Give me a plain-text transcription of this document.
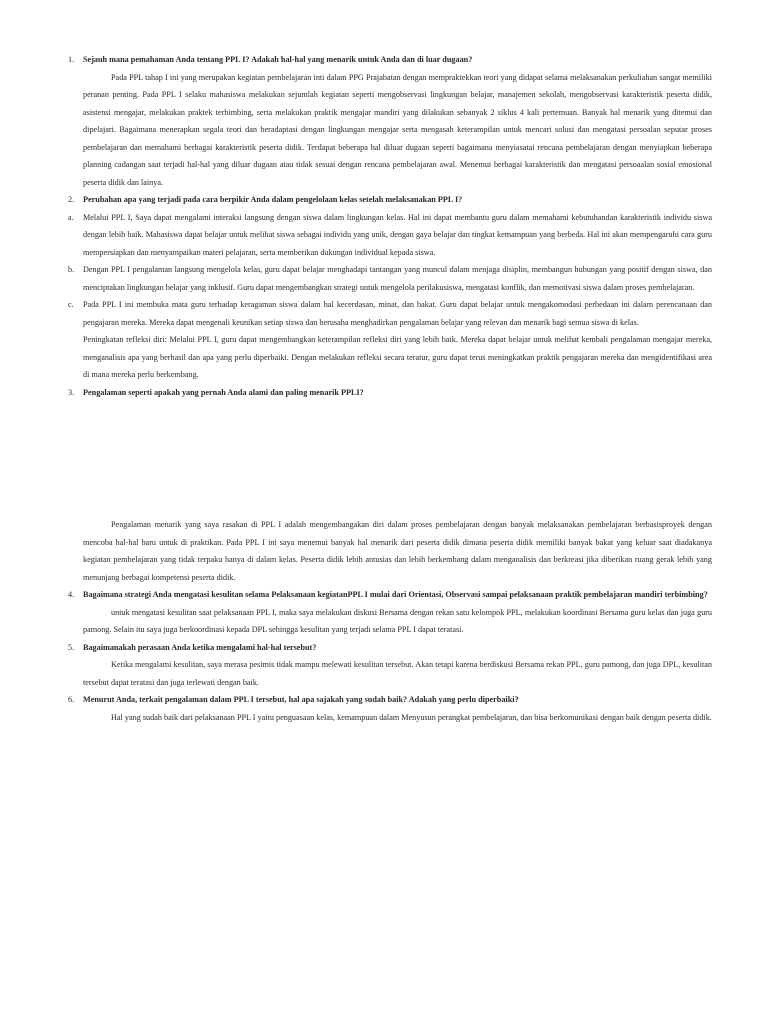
1. Sejauh mana pemahaman Anda tentang PPL I? Adakah hal-hal yang menarik untuk Anda dan di luar dugaan?
Pada PPL tahap I ini yang merupakan kegiatan pembelajaran inti dalam PPG Prajabatan dengan mempraktekkan teori yang didapat selama melaksanakan perkuliahan sangat memiliki peranan penting. Pada PPL I selaku mahasiswa melakukan sejumlah kegiatan seperti mengobservasi lingkungan belajar, manajemen sekolah, mengobservasi karakteristik peserta didik, asistensi mengajar, melakukan praktek terbimbing, serta melakukan praktik mengajar mandiri yang dilakukan sebanyak 2 siklus 4 kali pertemuan. Banyak hal menarik yang ditemui dan dipelajari. Bagaimana menerapkan segala teori dan beradaptasi dengan lingkungan mengajar serta mengasah keterampilan untuk mencari solusi dan mengatasi persoalan seputar proses pembelajaran dan memahami berbagai karakteristik peserta didik. Terdapat beberapa hal diluar dugaan seperti bagaimana menyiasatai rencana pembelajaran dengan menyiapkan beberapa planning cadangan saat terjadi hal-hal yang diluar dugaan atau tidak sesuai dengan rencana pembelajaran awal. Menemui berbagai karakteristik dan mengatasi persoaalan sosial emosional peserta didik dan lainya.
2. Perubahan apa yang terjadi pada cara berpikir Anda dalam pengelolaan kelas setelah melaksanakan PPL I?
a. Melalui PPL I, Saya dapat mengalami interaksi langsung dengan siswa dalam lingkungan kelas. Hal ini dapat membantu guru dalam memahami kebutuhandan karakteristik individu siswa dengan lebih baik. Mahasiswa dapat belajar untuk melihat siswa sebagai individu yang unik, dengan gaya belajar dan tingkat kemampuan yang berbeda. Hal ini akan mempengaruhi cara guru mempersiapkan dan menyampaikan materi pelajaran, serta memberikan dukungan individual kepada siswa.
b. Dengan PPL I pengalaman langsung mengelola kelas, guru dapat belajar menghadapi tantangan yang muncul dalam menjaga disiplin, membangun hubungan yang positif dengan siswa, dan menciptakan lingkungan belajar yang inklusif. Guru dapat mengembangkan strategi untuk mengelola perilakusiswa, mengatasi konflik, dan memotivasi siswa dalam proses pembelajaran.
c. Pada PPL I ini membuka mata guru terhadap keragaman siswa dalam hal kecerdasan, minat, dan bakat. Guru dapat belajar untuk mengakomodasi perbedaan ini dalam perencanaan dan pengajaran mereka. Mereka dapat mengenali keunikan setiap siswa dan berusaha menghadirkan pengalaman belajar yang relevan dan menarik bagi semua siswa di kelas.
Peningkatan refleksi diri: Melalui PPL I, guru dapat mengembangkan keterampilan refleksi diri yang lebih baik. Mereka dapat belajar untuk melihat kembali pengalaman mengajar mereka, menganalisis apa yang berhasil dan apa yang perlu diperbaiki. Dengan melakukan refleksi secara teratur, guru dapat terus meningkatkan praktik pengajaran mereka dan mengidentifikasi area di mana mereka perlu berkembang.
3. Pengalaman seperti apakah yang pernah Anda alami dan paling menarik PPLI?
Pengalaman menarik yang saya rasakan di PPL I adalah mengembangakan diri dalam proses pembelajaran dengan banyak melaksanakan pembelajaran berbasisproyek dengan mencoba hal-hal baru untuk di praktikan. Pada PPL I ini saya menemui banyak hal menarik dari peserta didik dimana peserta didik memiliki banyak bakat yang keluar saat diadakanya kegiatan pembelajaran yang tidak terpaku hanya di dalam kelas. Peserta didik lebih antusias dan lebih berkembang dalam menganalisis dan berkreasi jika diberikan ruang gerak lebih yang menunjang berbagai kompetensi peserta didik.
4. Bagaimana strategi Anda mengatasi kesulitan selama Pelaksanaan kegiatanPPL I mulai dari Orientasi, Observasi sampai pelaksanaan praktik pembelajaran mandiri terbimbing?
untuk mengatasi kesulitan saat pelaksanaan PPL I, maka saya melakukan diskusi Bersama dengan rekan satu kelompok PPL, melakukan koordinasi Bersama guru kelas dan juga guru pamong. Selain itu saya juga berkoordinasi kepada DPL sehingga kesulitan yang terjadi selama PPL I dapat teratasi.
5. Bagaimanakah perasaan Anda ketika mengalami hal-hal tersebut?
Ketika mengalami kesulitan, saya merasa pesimis tidak mampu melewati kesulitan tersebut. Akan tetapi karena berdiskusi Bersama rekan PPL, guru pamong, dan juga DPL, kesulitan tersebut dapat teratasi dan juga terlewati dengan baik.
6. Menurut Anda, terkait pengalaman dalam PPL I tersebut, hal apa sajakah yang sudah baik? Adakah yang perlu diperbaiki?
Hal yang sudah baik dari pelaksanaan PPL I yaitu penguasaan kelas, kemampuan dalam Menyusun perangkat pembelajaran, dan bisa berkomunikasi dengan baik dengan peserta didik.
